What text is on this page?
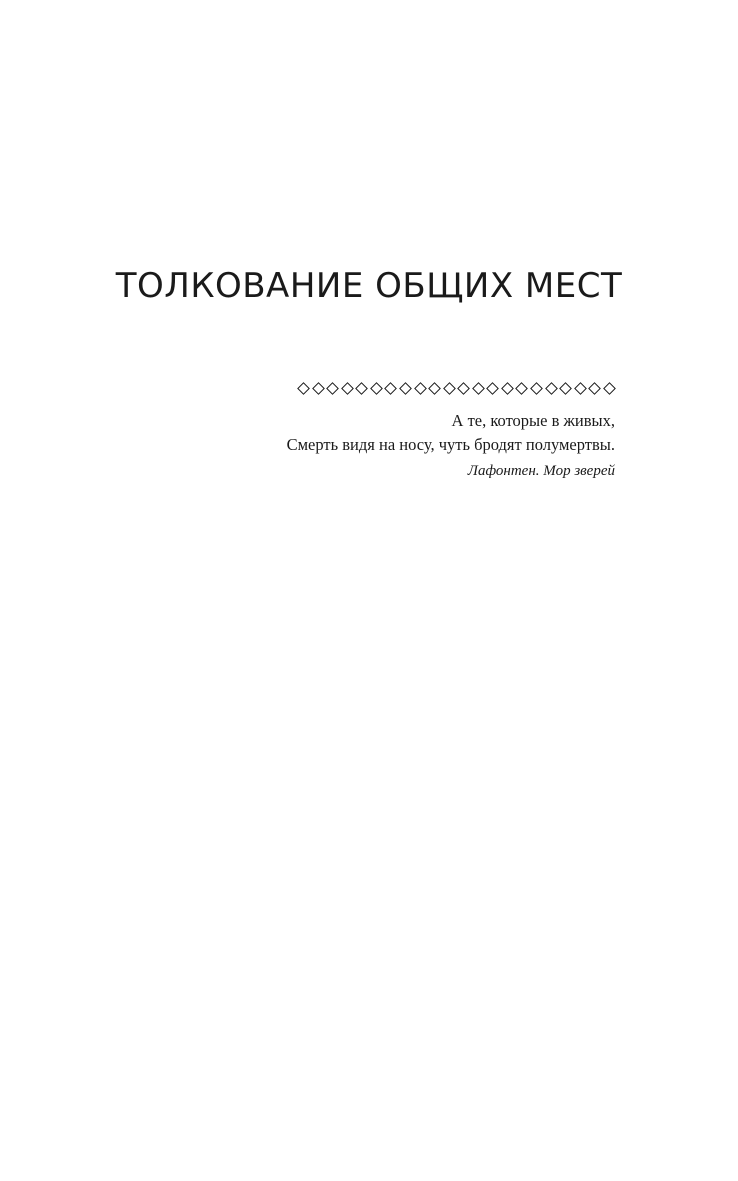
ТОЛКОВАНИЕ ОБЩИХ МЕСТ
А те, которые в живых,
Смерть видя на носу, чуть бродят полумертвы.
Лафонтен. Мор зверей
